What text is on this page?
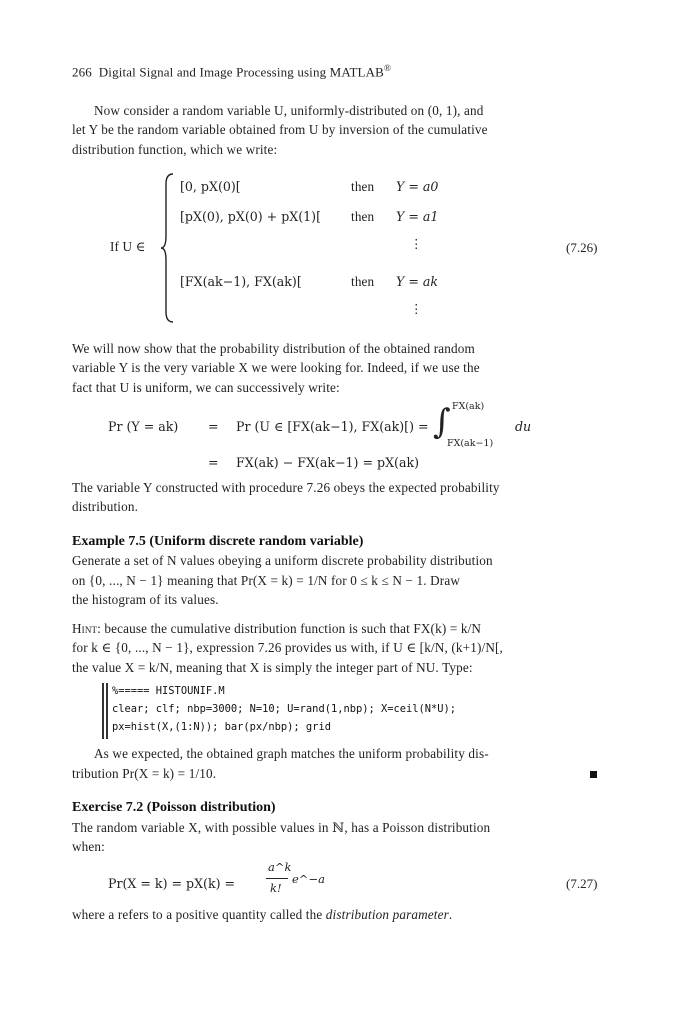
266 Digital Signal and Image Processing using MATLAB®
Now consider a random variable U, uniformly-distributed on (0, 1), and
let Y be the random variable obtained from U by inversion of the cumulative
distribution function, which we write:
If U ∈
[0, pX(0)[	then Y = a0
[pX(0), pX(0) + pX(1)[ then Y = a1
⋮
[FX(ak−1), FX(ak)[	then Y = ak
⋮
(7.26)
We will now show that the probability distribution of the obtained random
variable Y is the very variable X we were looking for. Indeed, if we use the
fact that U is uniform, we can successively write:
Pr (Y = ak) = Pr (U ∈ [FX(ak−1), FX(ak)[) = ∫ FX(ak)
FX(ak−1)
du
= FX(ak) − FX(ak−1) = pX(ak)
The variable Y constructed with procedure 7.26 obeys the expected probability
distribution.
Example 7.5 (Uniform discrete random variable)
Generate a set of N values obeying a uniform discrete probability distribution
on {0, ..., N − 1} meaning that Pr(X = k) = 1/N for 0 ≤ k ≤ N − 1. Draw
the histogram of its values.
Hint: because the cumulative distribution function is such that FX(k) = k/N
for k ∈ {0, ..., N − 1}, expression 7.26 provides us with, if U ∈ [k/N, (k+1)/N[,
the value X = k/N, meaning that X is simply the integer part of NU. Type:
%===== HISTOUNIF.M
clear; clf; nbp=3000; N=10; U=rand(1,nbp); X=ceil(N*U);
px=hist(X,(1:N)); bar(px/nbp); grid
As we expected, the obtained graph matches the uniform probability dis-
tribution Pr(X = k) = 1/10.
Exercise 7.2 (Poisson distribution)
The random variable X, with possible values in ℕ, has a Poisson distribution
when:
Pr(X = k) = pX(k) =
a^k
k!
e^−a	(7.27)
where a refers to a positive quantity called the distribution parameter.
